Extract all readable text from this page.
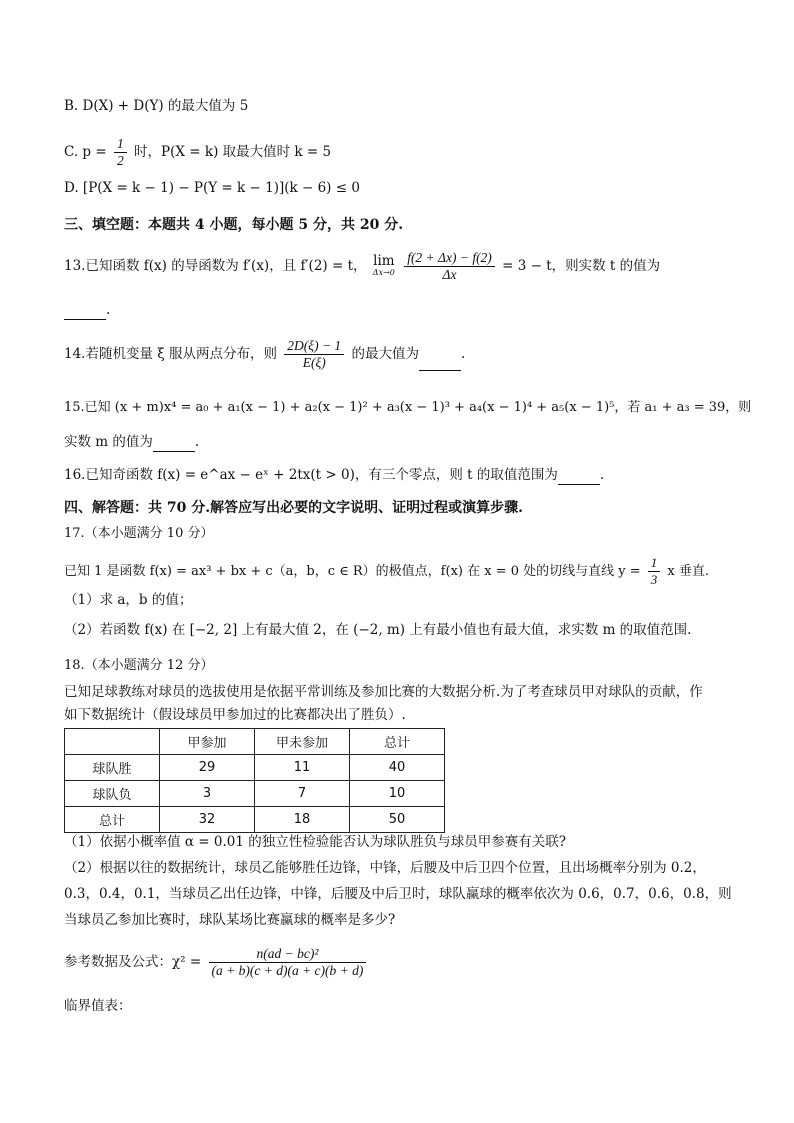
B. D(X) + D(Y) 的最大值为 5
C. $p = \frac{1}{2}$ 时，P(X = k) 取最大值时 k = 5
D. [P(X = k − 1) − P(Y = k − 1)](k − 6) ≤ 0
三、填空题：本题共 4 小题，每小题 5 分，共 20 分.
13.已知函数 f(x) 的导函数为 f′(x)，且 f′(2) = t， lim
Δx→0
$\frac{f(2 + \Delta x) - f(2)}{\Delta x} = 3 - t$，则实数 t 的值为
.
14.若随机变量 ξ 服从两点分布，则 $\frac{2D(\xi) - 1}{E(\xi)}$ 的最大值为	.
15.已知 (x + m)x⁴ = a₀ + a₁(x − 1) + a₂(x − 1)² + a₃(x − 1)³ + a₄(x − 1)⁴ + a₅(x − 1)⁵，若 a₁ + a₃ = 39，则
实数 m 的值为	.
16.已知奇函数 f(x) = e^ax − eˣ + 2tx(t > 0)，有三个零点，则 t 的取值范围为	.
四、解答题：共 70 分.解答应写出必要的文字说明、证明过程或演算步骤.
17.（本小题满分 10 分）
已知 1 是函数 f(x) = ax³ + bx + c（a，b，c ∈ R）的极值点，f(x) 在 x = 0 处的切线与直线 $y = \frac{1}{3}$ x 垂直.
（1）求 a，b 的值；
（2）若函数 f(x) 在 [−2, 2] 上有最大值 2，在 (−2, m) 上有最小值也有最大值，求实数 m 的取值范围.
18.（本小题满分 12 分）
已知足球教练对球员的选拔使用是依据平常训练及参加比赛的大数据分析.为了考查球员甲对球队的贡献，作
如下数据统计（假设球员甲参加过的比赛都决出了胜负）.
	甲参加	甲未参加	总计
球队胜	29	11	40
球队负	3	7	10
总计	32	18	50
（1）依据小概率值 α = 0.01 的独立性检验能否认为球队胜负与球员甲参赛有关联?
（2）根据以往的数据统计，球员乙能够胜任边锋，中锋，后腰及中后卫四个位置，且出场概率分别为 0.2，
0.3，0.4，0.1，当球员乙出任边锋，中锋，后腰及中后卫时，球队赢球的概率依次为 0.6，0.7，0.6，0.8，则
当球员乙参加比赛时，球队某场比赛赢球的概率是多少?
参考数据及公式：$\chi^2 = \frac{\text{n(ad − bc)²}}{(a + b)(c + d)(a + c)(b + d)}$
临界值表：
